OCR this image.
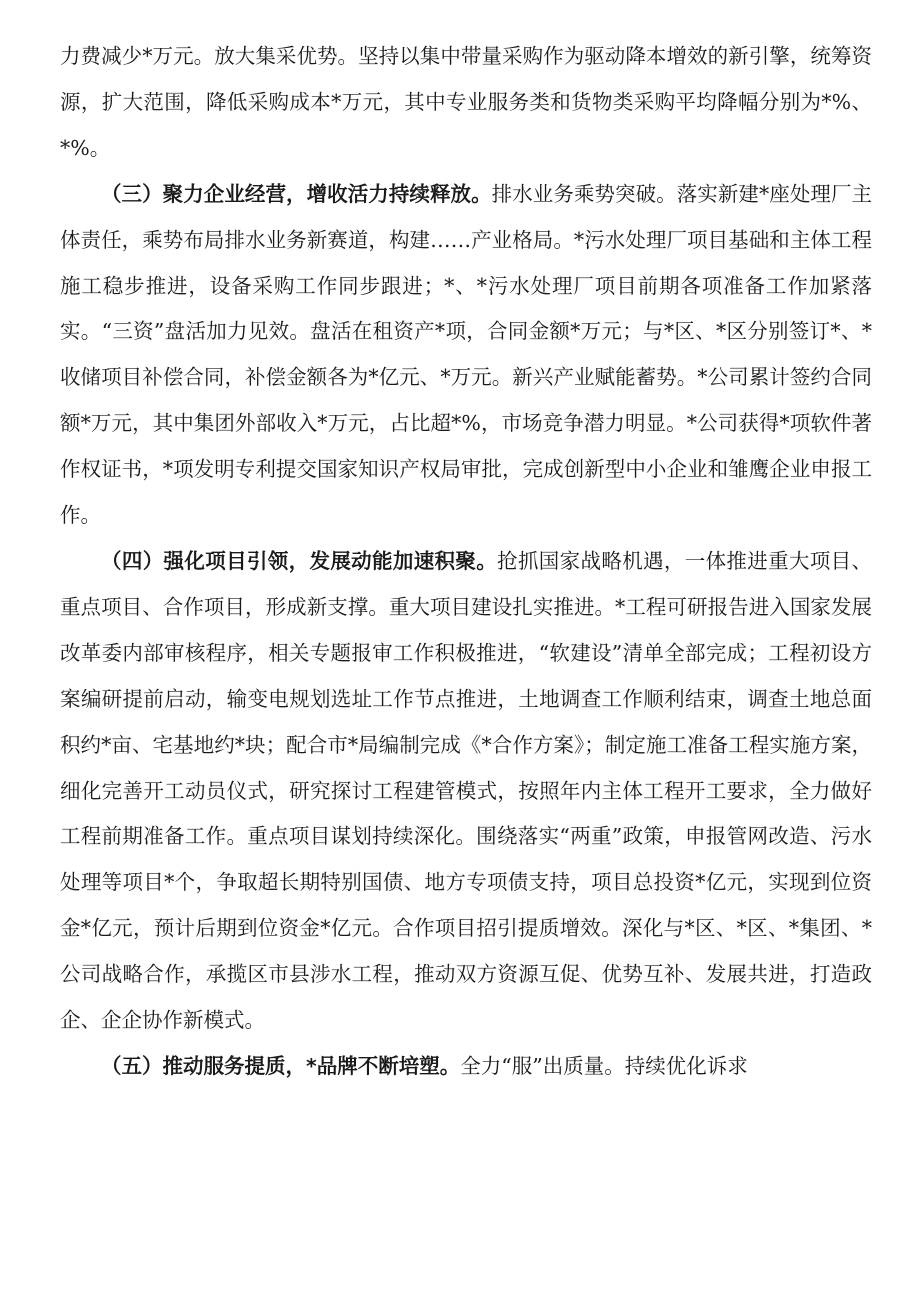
力费减少*万元。放大集采优势。坚持以集中带量采购作为驱动降本增效的新引擎，统筹资源，扩大范围，降低采购成本*万元，其中专业服务类和货物类采购平均降幅分别为*%、*%。

（三）聚力企业经营，增收活力持续释放。排水业务乘势突破。落实新建*座处理厂主体责任，乘势布局排水业务新赛道，构建……产业格局。*污水处理厂项目基础和主体工程施工稳步推进，设备采购工作同步跟进；*、*污水处理厂项目前期各项准备工作加紧落实。“三资”盘活加力见效。盘活在租资产*项，合同金额*万元；与*区、*区分别签订*、*收储项目补偿合同，补偿金额各为*亿元、*万元。新兴产业赋能蓄势。*公司累计签约合同额*万元，其中集团外部收入*万元，占比超*%，市场竞争潜力明显。*公司获得*项软件著作权证书，*项发明专利提交国家知识产权局审批，完成创新型中小企业和雏鹰企业申报工作。

（四）强化项目引领，发展动能加速积聚。抢抓国家战略机遇，一体推进重大项目、重点项目、合作项目，形成新支撑。重大项目建设扎实推进。*工程可研报告进入国家发展改革委内部审核程序，相关专题报审工作积极推进，“软建设”清单全部完成；工程初设方案编研提前启动，输变电规划选址工作节点推进，土地调查工作顺利结束，调查土地总面积约*亩、宅基地约*块；配合市*局编制完成《*合作方案》；制定施工准备工程实施方案，细化完善开工动员仪式，研究探讨工程建管模式，按照年内主体工程开工要求，全力做好工程前期准备工作。重点项目谋划持续深化。围绕落实“两重”政策，申报管网改造、污水处理等项目*个，争取超长期特别国债、地方专项债支持，项目总投资*亿元，实现到位资金*亿元，预计后期到位资金*亿元。合作项目招引提质增效。深化与*区、*区、*集团、*公司战略合作，承揽区市县涉水工程，推动双方资源互促、优势互补、发展共进，打造政企、企企协作新模式。

（五）推动服务提质，*品牌不断培塑。全力“服”出质量。持续优化诉求
